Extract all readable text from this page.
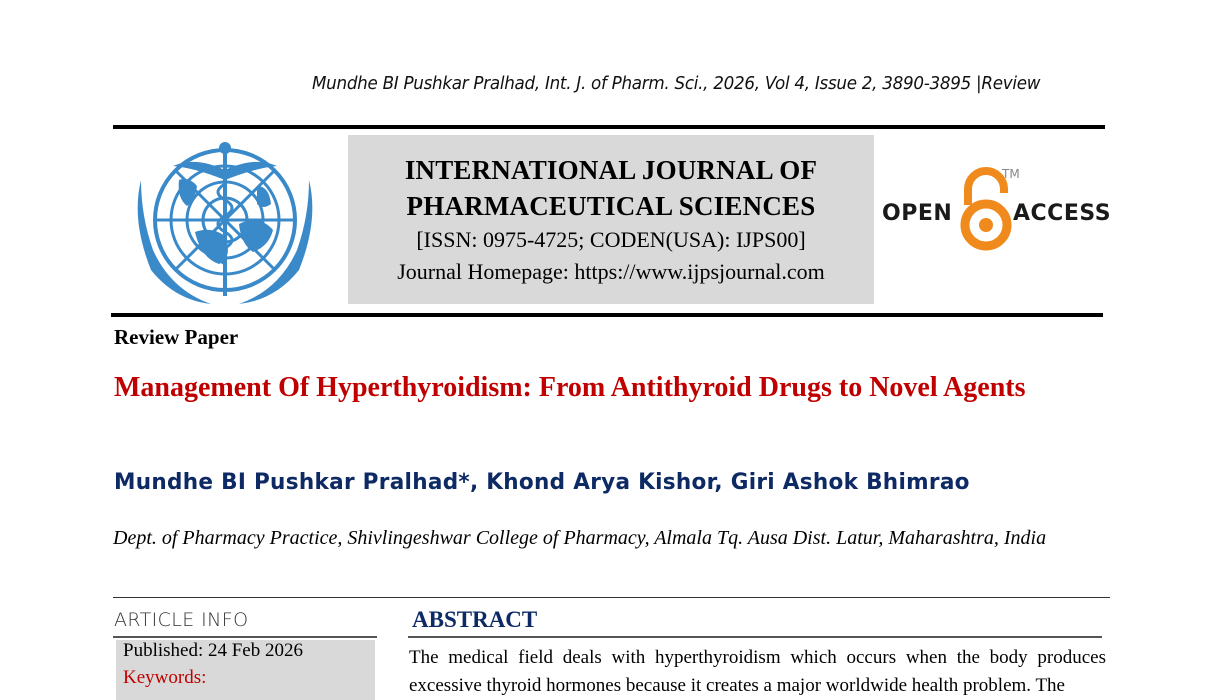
Mundhe BI Pushkar Pralhad, Int. J. of Pharm. Sci., 2026, Vol 4, Issue 2, 3890-3895 |Review
INTERNATIONAL JOURNAL OF
PHARMACEUTICAL SCIENCES
[ISSN: 0975-4725; CODEN(USA): IJPS00]
Journal Homepage: https://www.ijpsjournal.com
OPEN
TM
ACCESS
Review Paper
Management Of Hyperthyroidism: From Antithyroid Drugs to Novel Agents
Mundhe BI Pushkar Pralhad*, Khond Arya Kishor, Giri Ashok Bhimrao
Dept. of Pharmacy Practice, Shivlingeshwar College of Pharmacy, Almala Tq. Ausa Dist. Latur, Maharashtra, India
ARTICLE INFO
Published: 24 Feb 2026
Keywords:
ABSTRACT
The medical field deals with hyperthyroidism which occurs when the body produces excessive thyroid hormones because it creates a major worldwide health problem. The
